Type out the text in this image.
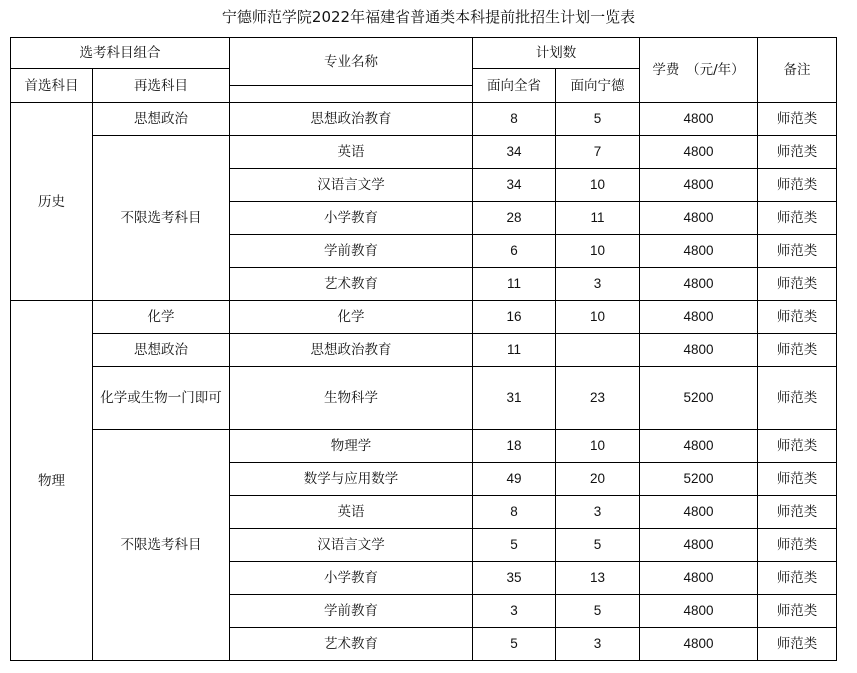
宁德师范学院2022年福建省普通类本科提前批招生计划一览表
选考科目组合		专业名称	计划数		学费　（元/年）	备注
首选科目	再选科目		面向全省	面向宁德		

历史	思想政治	思想政治教育	8	5	4800	师范类
	不限选考科目	英语	34	7	4800	师范类
		汉语言文学	34	10	4800	师范类
		小学教育	28	11	4800	师范类
		学前教育	6	10	4800	师范类
		艺术教育	11	3	4800	师范类
物理	化学	化学	16	10	4800	师范类
	思想政治	思想政治教育	11		4800	师范类
	化学或生物一门即可	生物科学	31	23	5200	师范类
	不限选考科目	物理学	18	10	4800	师范类
		数学与应用数学	49	20	5200	师范类
		英语	8	3	4800	师范类
		汉语言文学	5	5	4800	师范类
		小学教育	35	13	4800	师范类
		学前教育	3	5	4800	师范类
		艺术教育	5	3	4800	师范类
